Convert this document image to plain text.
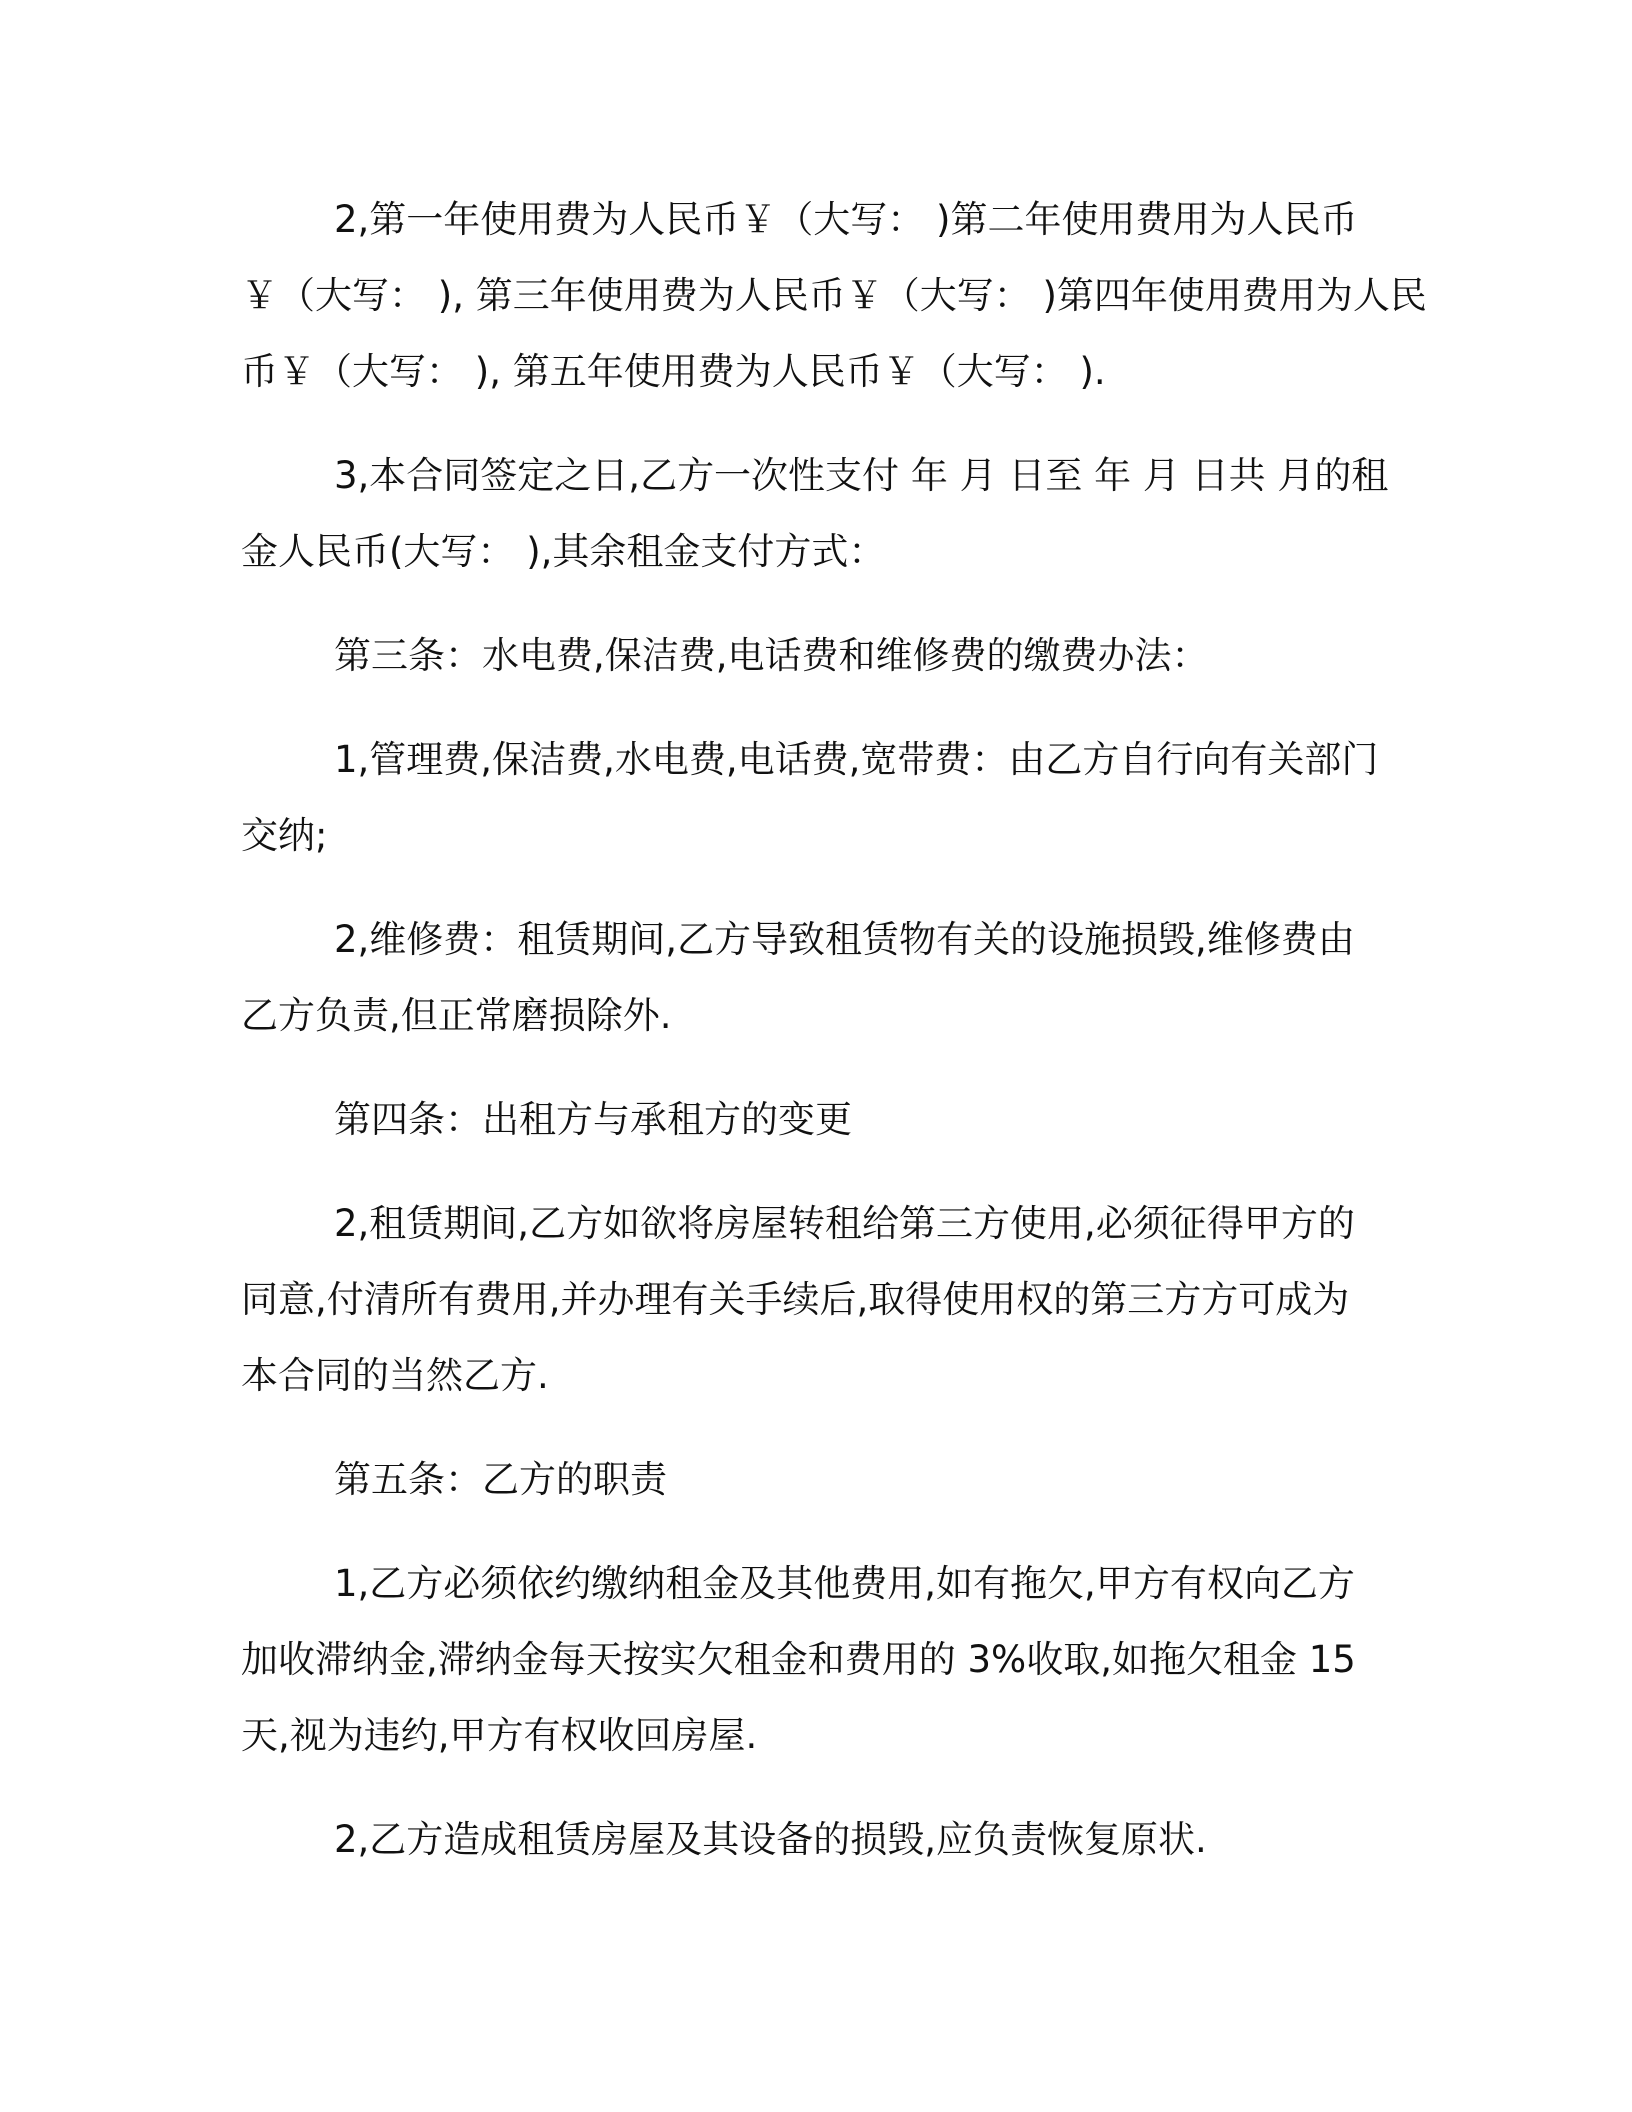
2,第一年使用费为人民币￥（大写： )第二年使用费用为人民币
￥（大写： ), 第三年使用费为人民币￥（大写： )第四年使用费用为人民
币￥（大写： ), 第五年使用费为人民币￥（大写： ).
3,本合同签定之日,乙方一次性支付 年 月 日至 年 月 日共 月的租
金人民币(大写： ),其余租金支付方式：
第三条：水电费,保洁费,电话费和维修费的缴费办法：
1,管理费,保洁费,水电费,电话费,宽带费：由乙方自行向有关部门
交纳;
2,维修费：租赁期间,乙方导致租赁物有关的设施损毁,维修费由
乙方负责,但正常磨损除外.
第四条：出租方与承租方的变更
2,租赁期间,乙方如欲将房屋转租给第三方使用,必须征得甲方的
同意,付清所有费用,并办理有关手续后,取得使用权的第三方方可成为
本合同的当然乙方.
第五条：乙方的职责
1,乙方必须依约缴纳租金及其他费用,如有拖欠,甲方有权向乙方
加收滞纳金,滞纳金每天按实欠租金和费用的 3%收取,如拖欠租金 15
天,视为违约,甲方有权收回房屋.
2,乙方造成租赁房屋及其设备的损毁,应负责恢复原状.
